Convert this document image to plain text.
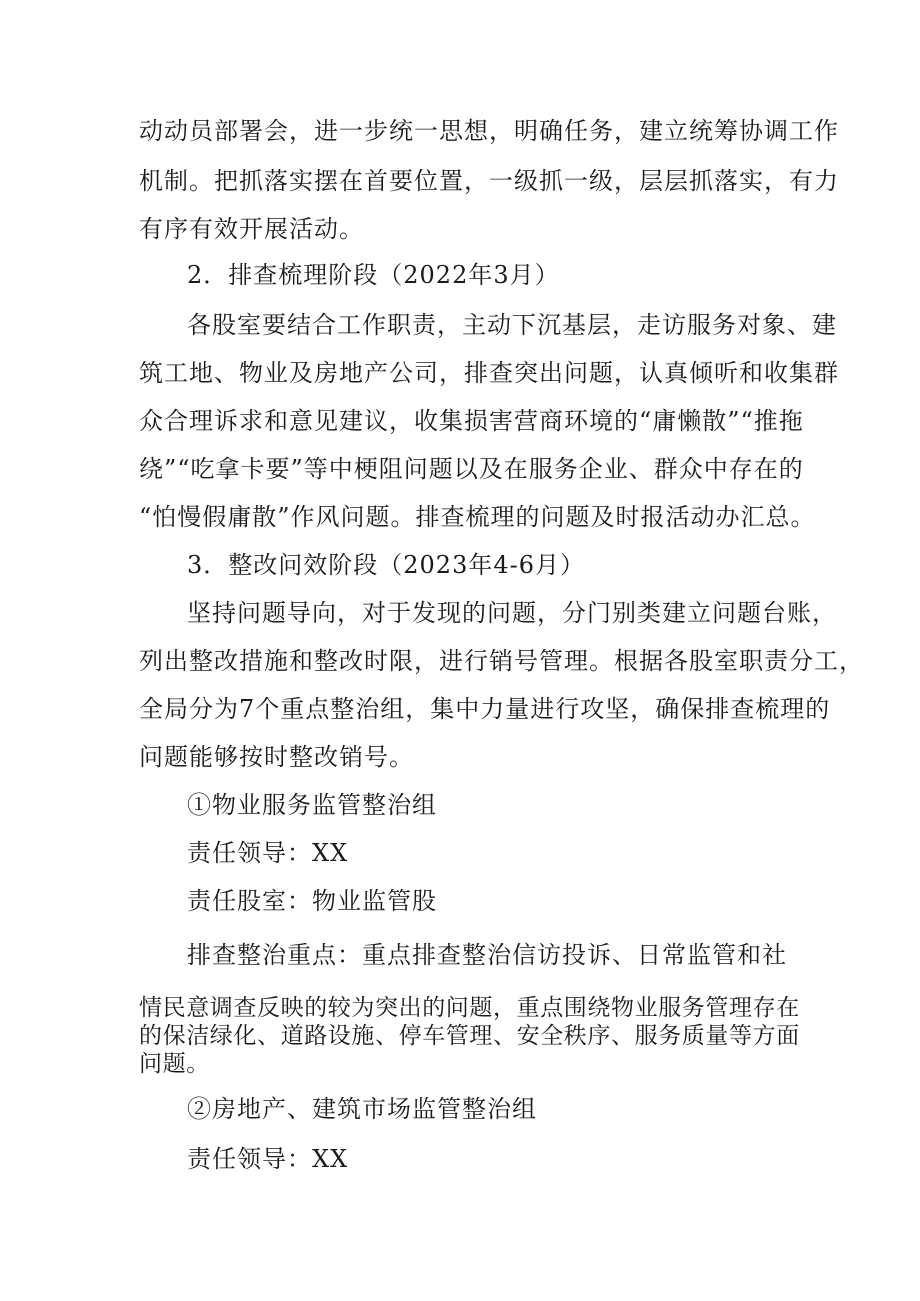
动动员部署会，进一步统一思想，明确任务，建立统筹协调工作
机制。把抓落实摆在首要位置，一级抓一级，层层抓落实，有力
有序有效开展活动。
2．排查梳理阶段（2022年3月）
各股室要结合工作职责，主动下沉基层，走访服务对象、建
筑工地、物业及房地产公司，排查突出问题，认真倾听和收集群
众合理诉求和意见建议，收集损害营商环境的“庸懒散”“推拖
绕”“吃拿卡要”等中梗阻问题以及在服务企业、群众中存在的
“怕慢假庸散”作风问题。排查梳理的问题及时报活动办汇总。
3．整改问效阶段（2023年4-6月）
坚持问题导向，对于发现的问题，分门别类建立问题台账，
列出整改措施和整改时限，进行销号管理。根据各股室职责分工，
全局分为7个重点整治组，集中力量进行攻坚，确保排查梳理的
问题能够按时整改销号。
①物业服务监管整治组
责任领导：XX
责任股室：物业监管股
排查整治重点：重点排查整治信访投诉、日常监管和社
情民意调查反映的较为突出的问题，重点围绕物业服务管理存在
的保洁绿化、道路设施、停车管理、安全秩序、服务质量等方面
问题。
②房地产、建筑市场监管整治组
责任领导：XX
